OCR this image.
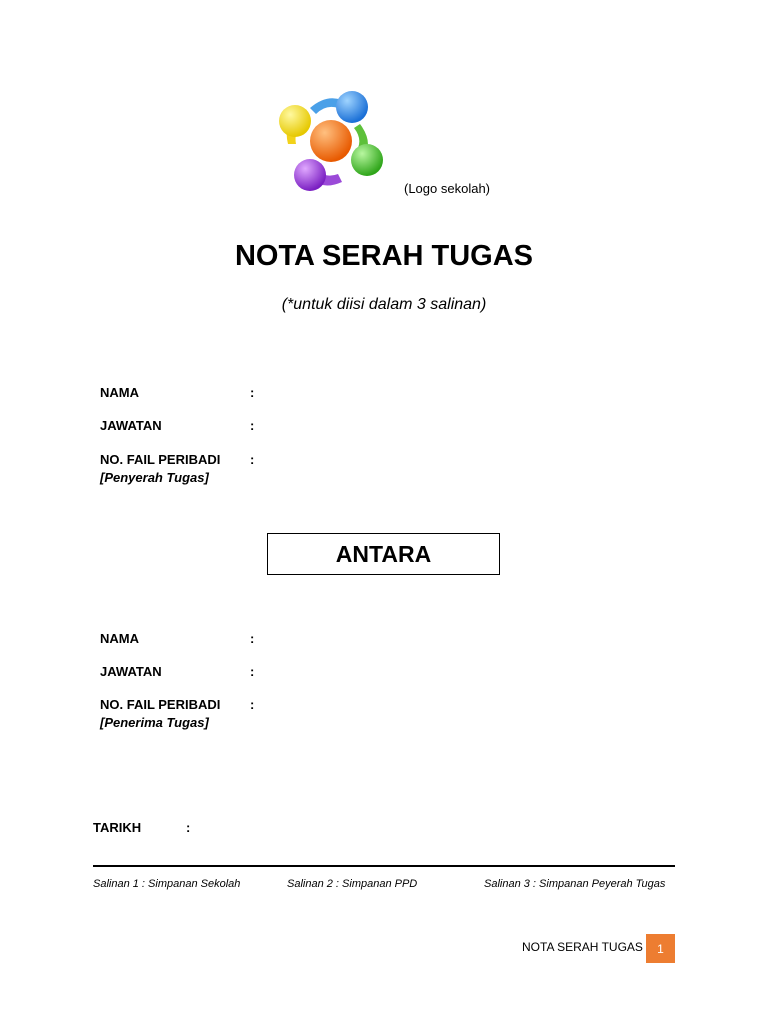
(Logo sekolah)
NOTA SERAH TUGAS
(*untuk diisi dalam 3 salinan)
NAMA	:
JAWATAN	:
NO. FAIL PERIBADI :
[Penyerah Tugas]
ANTARA
NAMA	:
JAWATAN	:
NO. FAIL PERIBADI :
[Penerima Tugas]
TARIKH	:
Salinan 1 : Simpanan Sekolah	Salinan 2 : Simpanan PPD	Salinan 3 : Simpanan Peyerah Tugas
NOTA SERAH TUGAS	1
